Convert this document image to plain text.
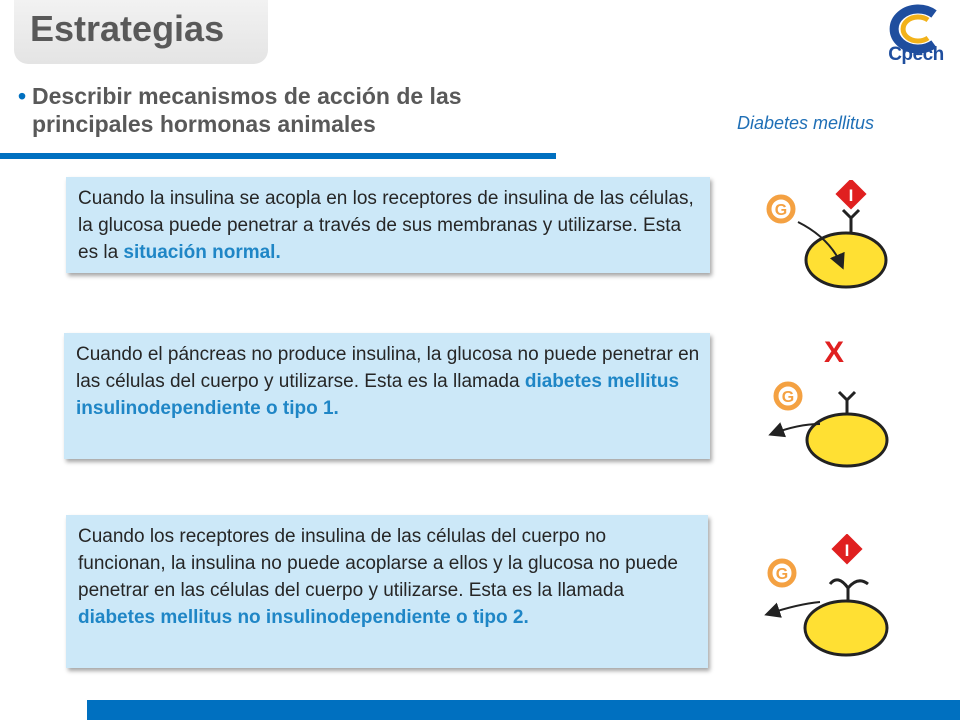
Estrategias
Cpech

• Describir mecanismos de acción de las
principales hormonas animales	Diabetes mellitus
Cuando la insulina se acopla en los receptores de insulina de las células, la glucosa puede penetrar a través de sus membranas y utilizarse. Esta es la situación normal.
Cuando el páncreas no produce insulina, la glucosa no puede penetrar en las células del cuerpo y utilizarse. Esta es la llamada diabetes mellitus insulinodependiente o tipo 1.
Cuando los receptores de insulina de las células del cuerpo no funcionan, la insulina no puede acoplarse a ellos y la glucosa no puede penetrar en las células del cuerpo y utilizarse. Esta es la llamada diabetes mellitus no insulinodependiente o tipo 2.
I
G
X
G
I
G
